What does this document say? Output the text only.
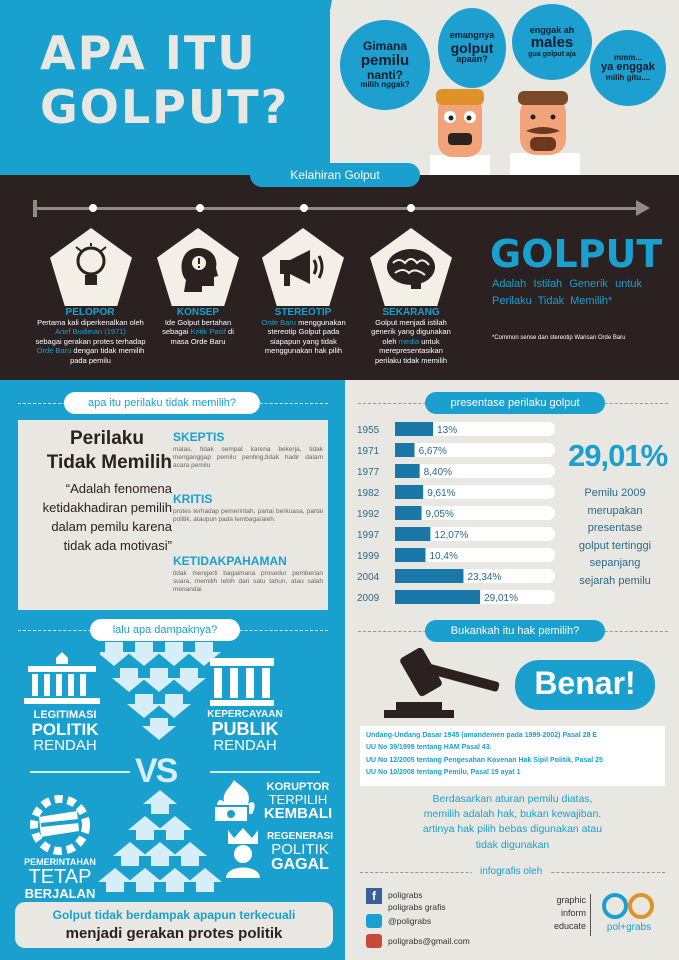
APA ITU
GOLPUT?
Gimana
pemilu
nanti?
milih nggak?
emangnya
golput
apaan?
enggak ah
males
gua golput aja	mmm...
ya enggak
milih gitu....
Kelahiran Golput
PELOPOR
Pertama kali diperkenalkan oleh
Arief Budiman (1971)
sebagai gerakan protes terhadap
Orde Baru dengan tidak memilih
pada pemilu
KONSEP
Ide Golput bertahan
sebagai Kritik Pasif di
masa Orde Baru
STEREOTIP
Orde Baru menggunakan
stereotip Golput pada
siapapun yang tidak
menggunakan hak pilih
SEKARANG
Golput menjadi istilah
generik yang digunakan
oleh media untuk
merepresentasikan
perilaku tidak memilih
GOLPUT
Adalah Istilah Generik untuk Perilaku Tidak Memilih*
*Common sense dan stereotip Warisan Orde Baru
apa itu perilaku tidak memilih?
Perilaku
Tidak Memilih
“Adalah fenomena ketidakhadiran pemilih dalam pemilu karena tidak ada motivasi”
SKEPTIS
malas, tidak sempat karena bekerja, tidak menganggap pemilu penting,tidak hadir dalam acara pemilu
KRITIS
protes terhadap pemerintah, partai berkuasa, partai politik, ataupun pada lembaga/aleh.
KETIDAKPAHAMAN
tidak mengerti bagaimana prosedur pemberian suara, memilih lebih dari satu tahun, atau salah menandai
lalu apa dampaknya?
LEGITIMASI
POLITIK
RENDAH
KEPERCAYAAN
PUBLIK
RENDAH
VS
PEMERINTAHAN
TETAP
BERJALAN
KORUPTOR
TERPILIH
KEMBALI
REGENERASI
POLITIK
GAGAL
Golput tidak berdampak apapun terkecuali
menjadi gerakan protes politik
presentase perilaku golput
1955	13%
1971	6,67%
1977	8,40%
1982	9,61%
1992	9,05%
1997	12,07%
1999	10,4%
2004	23,34%
2009	29,01%
29,01%
Pemilu 2009
merupakan
presentase
golput tertinggi
sepanjang
sejarah pemilu
Bukankah itu hak pemilih?
Benar!
Undang-Undang Dasar 1945 (amandemen pada 1999-2002) Pasal 28 E
UU No 39/1999 tentang HAM Pasal 43.
UU No 12/2005 tentang Pengesahan Kovenan Hak Sipil Politik, Pasal 25
UU No 10/2008 tentang Pemilu, Pasal 19 ayat 1
Berdasarkan aturan pemilu diatas,
memilih adalah hak, bukan kewajiban.
artinya hak pilih bebas digunakan atau
tidak digunakan
infografis oleh
f	poligrabs
poligrabs grafis
@poligrabs
poligrabs@gmail.com
graphic
inform
educate	pol+grabs
